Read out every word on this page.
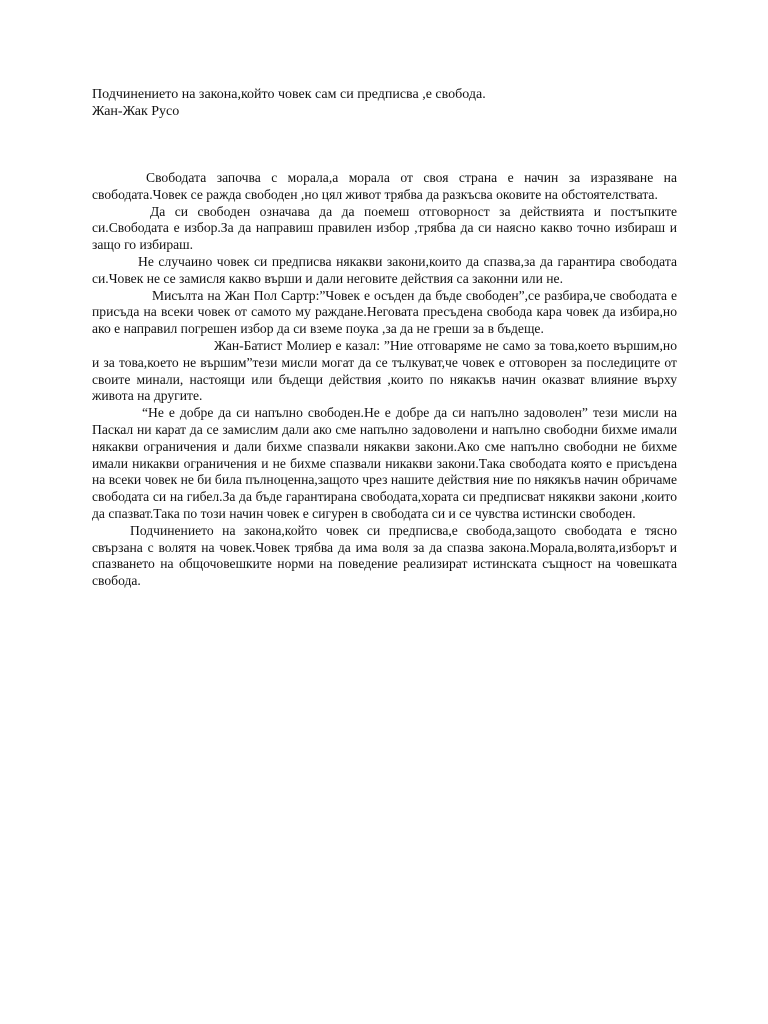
Подчинението на закона,който човек сам си предписва ,е свобода.
Жан-Жак Русо

Свободата започва с морала,а морала от своя страна е начин за изразяване на свободата.Човек се ражда свободен ,но цял живот трябва да разкъсва оковите на обстоятелствата.

Да си свободен означава да да поемеш отговорност за действията и постъпките си.Свободата е избор.За да направиш правилен избор ,трябва да си наясно какво точно избираш и защо го избираш.

Не случаино човек си предписва някакви закони,които да спазва,за да гарантира свободата си.Човек не се замисля какво върши и дали неговите действия са законни или не.

Мисълта на Жан Пол Сартр:”Човек е осъден да бъде свободен”,се разбира,че свободата е присъда на всеки човек от самото му раждане.Неговата пресъдена свобода кара човек да избира,но ако е направил погрешен избор да си вземе поука ,за да не греши за в бъдеще.

Жан-Батист Молиер е казал: ”Ние отговаряме не само за това,което вършим,но и за това,което не вършим”тези мисли могат да се тълкуват,че човек е отговорен за последиците от своите минали, настоящи или бъдещи действия ,които по някакъв начин оказват влияние върху живота на другите.

“Не е добре да си напълно свободен.Не е добре да си напълно задоволен” тези мисли на Паскал ни карат да се замислим дали ако сме напълно задоволени и напълно свободни бихме имали някакви ограничения и дали бихме спазвали някакви закони.Ако сме напълно свободни не бихме имали никакви ограничения и не бихме спазвали никакви закони.Така свободата която е присъдена на всеки човек не би била пълноценна,защото чрез нашите действия ние по някякъв начин обричаме свободата си на гибел.За да бъде гарантирана свободата,хората си предписват някякви закони ,които да спазват.Така по този начин човек е сигурен в свободата си и се чувства истински свободен.

Подчинението на закона,който човек си предписва,е свобода,защото свободата е тясно свързана с волятя на човек.Човек трябва да има воля за да спазва закона.Морала,волята,изборът и спазването на общочовешките норми на поведение реализират истинската същност на човешката свобода.
